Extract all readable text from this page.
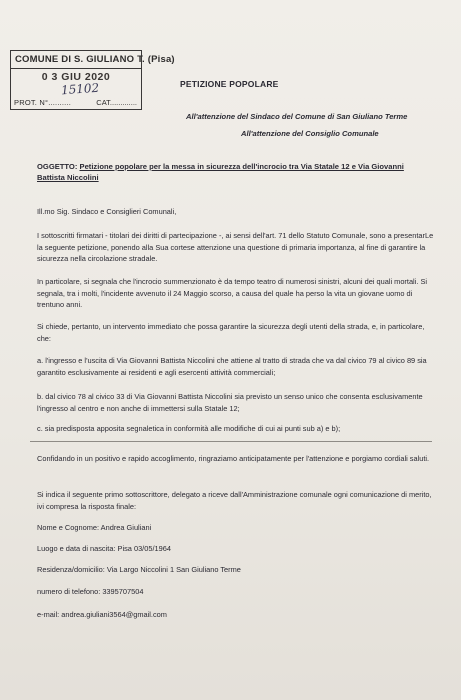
COMUNE DI S. GIULIANO T. (Pisa)
0 3 GIU 2020
15102
PROT. N°..........	CAT.............
PETIZIONE POPOLARE
All'attenzione del Sindaco del Comune di San Giuliano Terme
All'attenzione del Consiglio Comunale
OGGETTO: Petizione popolare per la messa in sicurezza dell'incrocio tra Via Statale 12 e Via Giovanni Battista Niccolini
Ill.mo Sig. Sindaco e Consiglieri Comunali,
I sottoscritti firmatari - titolari dei diritti di partecipazione -, ai sensi dell'art. 71 dello Statuto Comunale, sono a presentarLe la seguente petizione, ponendo alla Sua cortese attenzione una questione di primaria importanza, al fine di garantire la sicurezza nella circolazione stradale.
In particolare, si segnala che l'incrocio summenzionato è da tempo teatro di numerosi sinistri, alcuni dei quali mortali. Si segnala, tra i molti, l'incidente avvenuto il 24 Maggio scorso, a causa del quale ha perso la vita un giovane uomo di trentuno anni.
Si chiede, pertanto, un intervento immediato che possa garantire la sicurezza degli utenti della strada, e, in particolare, che:
a. l'ingresso e l'uscita di Via Giovanni Battista Niccolini che attiene al tratto di strada che va dal civico 79 al civico 89 sia garantito esclusivamente ai residenti e agli esercenti attività commerciali;
b. dal civico 78 al civico 33 di Via Giovanni Battista Niccolini sia previsto un senso unico che consenta esclusivamente l'ingresso al centro e non anche di immettersi sulla Statale 12;
c. sia predisposta apposita segnaletica in conformità alle modifiche di cui ai punti sub a) e b);
Confidando in un positivo e rapido accoglimento, ringraziamo anticipatamente per l'attenzione e porgiamo cordiali saluti.
Si indica il seguente primo sottoscrittore, delegato a riceve dall'Amministrazione comunale ogni comunicazione di merito, ivi compresa la risposta finale:
Nome e Cognome: Andrea Giuliani
Luogo e data di nascita: Pisa 03/05/1964
Residenza/domicilio: Via Largo Niccolini 1 San Giuliano Terme
numero di telefono: 3395707504
e-mail: andrea.giuliani3564@gmail.com
